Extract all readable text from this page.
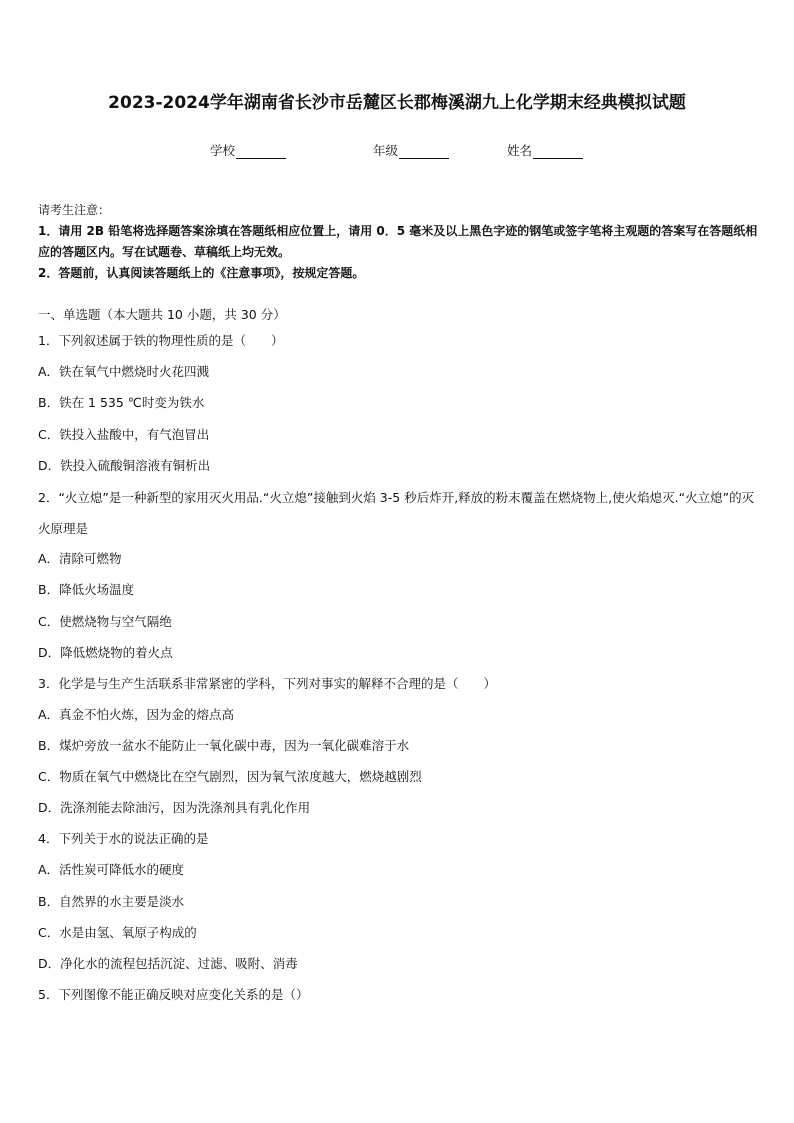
2023-2024学年湖南省长沙市岳麓区长郡梅溪湖九上化学期末经典模拟试题
学校	年级	姓名
请考生注意：
1．请用 2B 铅笔将选择题答案涂填在答题纸相应位置上，请用 0．5 毫米及以上黑色字迹的钢笔或签字笔将主观题的答案写在答题纸相应的答题区内。写在试题卷、草稿纸上均无效。
2．答题前，认真阅读答题纸上的《注意事项》，按规定答题。
一、单选题（本大题共 10 小题，共 30 分）
1．下列叙述属于铁的物理性质的是（　　）
A．铁在氧气中燃烧时火花四溅
B．铁在 1 535 ℃时变为铁水
C．铁投入盐酸中，有气泡冒出
D．铁投入硫酸铜溶液有铜析出
2．“火立熄”是一种新型的家用灭火用品.“火立熄”接触到火焰 3-5 秒后炸开,释放的粉末覆盖在燃烧物上,使火焰熄灭.“火立熄”的灭火原理是
A．清除可燃物
B．降低火场温度
C．使燃烧物与空气隔绝
D．降低燃烧物的着火点
3．化学是与生产生活联系非常紧密的学科，下列对事实的解释不合理的是（　　）
A．真金不怕火炼，因为金的熔点高
B．煤炉旁放一盆水不能防止一氧化碳中毒，因为一氧化碳难溶于水
C．物质在氧气中燃烧比在空气剧烈，因为氧气浓度越大，燃烧越剧烈
D．洗涤剂能去除油污，因为洗涤剂具有乳化作用
4．下列关于水的说法正确的是
A．活性炭可降低水的硬度
B．自然界的水主要是淡水
C．水是由氢、氧原子构成的
D．净化水的流程包括沉淀、过滤、吸附、消毒
5．下列图像不能正确反映对应变化关系的是（）
